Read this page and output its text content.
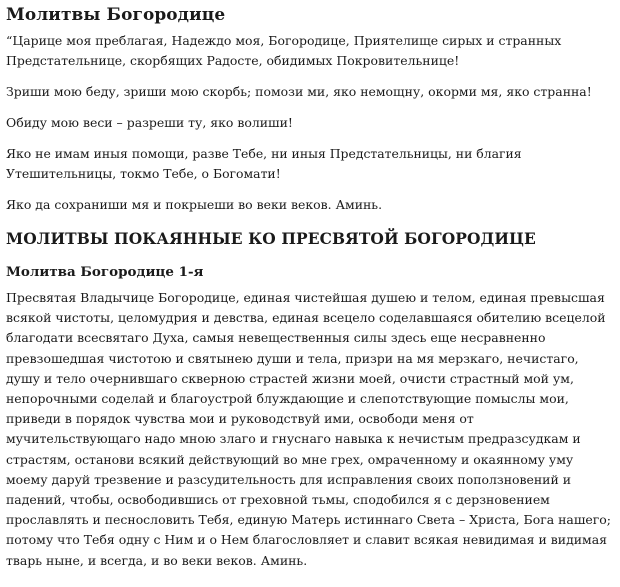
Молитвы Богородице

“Царице моя преблагая, Надеждо моя, Богородице, Приятелище сирых и странных
Предстательнице, скорбящих Радосте, обидимых Покровительнице!

Зриши мою беду, зриши мою скорбь; помози ми, яко немощну, окорми мя, яко странна!

Обиду мою веси – разреши ту, яко волиши!

Яко не имам иныя помощи, разве Тебе, ни иныя Предстательницы, ни благия
Утешительницы, токмо Тебе, о Богомати!

Яко да сохраниши мя и покрыеши во веки веков. Аминь.

МОЛИТВЫ ПОКАЯННЫЕ КО ПРЕСВЯТОЙ БОГОРОДИЦЕ
Молитва Богородице 1-я

Пресвятая Владычице Богородице, единая чистейшая душею и телом, единая превысшая
всякой чистоты, целомудрия и девства, единая всецело соделавшаяся обителию всецелой
благодати всесвятаго Духа, самыя невещественныя силы здесь еще несравненно
превзошедшая чистотою и святынею души и тела, призри на мя мерзкаго, нечистаго,
душу и тело очернившаго скверною страстей жизни моей, очисти страстный мой ум,
непорочными соделай и благоустрой блуждающие и слепотствующие помыслы мои,
приведи в порядок чувства мои и руководствуй ими, освободи меня от
мучительствующаго надо мною злаго и гнуснаго навыка к нечистым предразсудкам и
страстям, останови всякий действующий во мне грех, омраченному и окаянному уму
моему даруй трезвение и разсудительность для исправления своих поползновений и
падений, чтобы, освободившись от греховной тьмы, сподобился я с дерзновением
прославлять и песнословить Тебя, единую Матерь истиннаго Света – Христа, Бога нашего;
потому что Тебя одну с Ним и о Нем благословляет и славит всякая невидимая и видимая
тварь ныне, и всегда, и во веки веков. Аминь.
